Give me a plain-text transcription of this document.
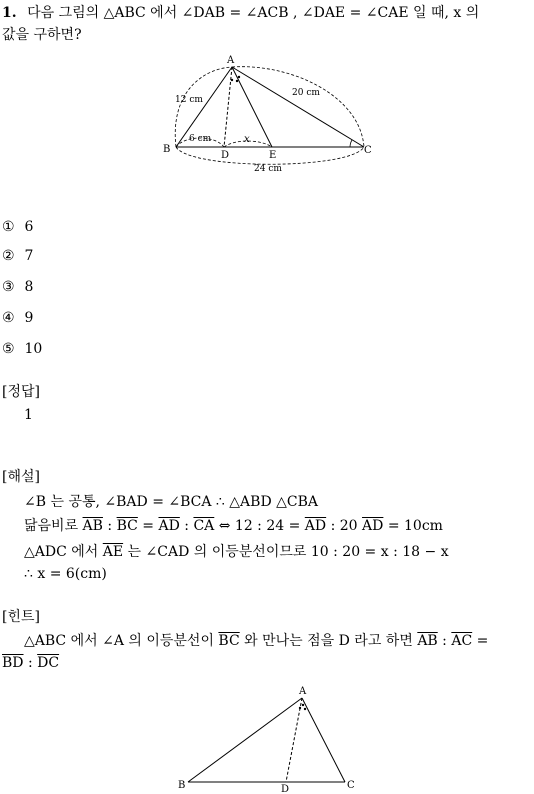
1. 다음 그림의 △ABC 에서 ∠DAB = ∠ACB , ∠DAE = ∠CAE 일 때, x 의
값을 구하면?
A
B	C
D	E
12 cm
20 cm
6 cm	x
24 cm
① 6
② 7
③ 8
④ 9
⑤ 10
[정답]
1
[해설]
∠B 는 공통, ∠BAD = ∠BCA ∴ △ABD △CBA
닮음비로 $\overline{AB}$ : $\overline{BC} = \overline{AD}$ : $\overline{CA}$ ⇔ 12 : $24 = \overline{AD}$ : 20 $\overline{AD} = 10cm$
△ADC 에서 $\overline{AE}$ 는 ∠CAD 의 이등분선이므로 10 : 20 = x : 18 − x
∴ x = 6(cm)
[힌트]
△ABC 에서 ∠A 의 이등분선이 $\overline{BC}$ 와 만나는 점을 D 라고 하면 $\overline{AB}$ : $\overline{AC}$ =
$\overline{BD}$ : $\overline{DC}$
A
B	C
D
